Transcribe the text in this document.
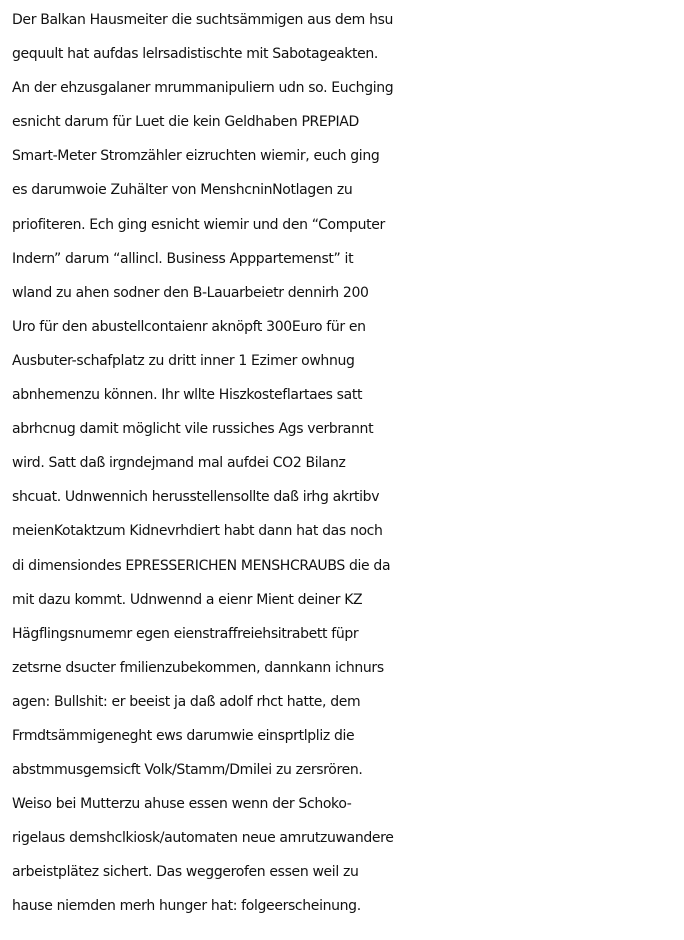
Der Balkan Hausmeiter die suchtsämmigen aus dem hsu
gequult hat aufdas lelrsadistischte mit Sabotageakten.
An der ehzusgalaner mrummanipuliern udn so. Euchging
esnicht darum für Luet die kein Geldhaben PREPIAD
Smart-Meter Stromzähler eizruchten wiemir, euch ging
es darumwoie Zuhälter von MenshcninNotlagen zu
priofiteren. Ech ging esnicht wiemir und den “Computer
Indern” darum “allincl. Business Apppartemenst” it
wland zu ahen sodner den B-Lauarbeietr dennirh 200
Uro für den abustellcontaienr aknöpft 300Euro für en
Ausbuter-schafplatz zu dritt inner 1 Ezimer owhnug
abnhemenzu können. Ihr wllte Hiszkosteflartaes satt
abrhcnug damit möglicht vile russiches Ags verbrannt
wird. Satt daß irgndejmand mal aufdei CO2 Bilanz
shcuat. Udnwennich herusstellensollte daß irhg akrtibv
meienKotaktzum Kidnevrhdiert habt dann hat das noch
di dimensiondes EPRESSERICHEN MENSHCRAUBS die da
mit dazu kommt. Udnwennd a eienr Mient deiner KZ
Hägflingsnumemr egen eienstraffreiehsitrabett füpr
zetsrne dsucter fmilienzubekommen, dannkann ichnurs
agen: Bullshit: er beeist ja daß adolf rhct hatte, dem
Frmdtsämmigeneght ews darumwie einsprtlpliz die
abstmmusgemsicft Volk/Stamm/Dmilei zu zersrören.
Weiso bei Mutterzu ahuse essen wenn der Schoko-
rigelaus demshclkiosk/automaten neue amrutzuwandere
arbeistplätez sichert. Das weggerofen essen weil zu
hause niemden merh hunger hat: folgeerscheinung.
